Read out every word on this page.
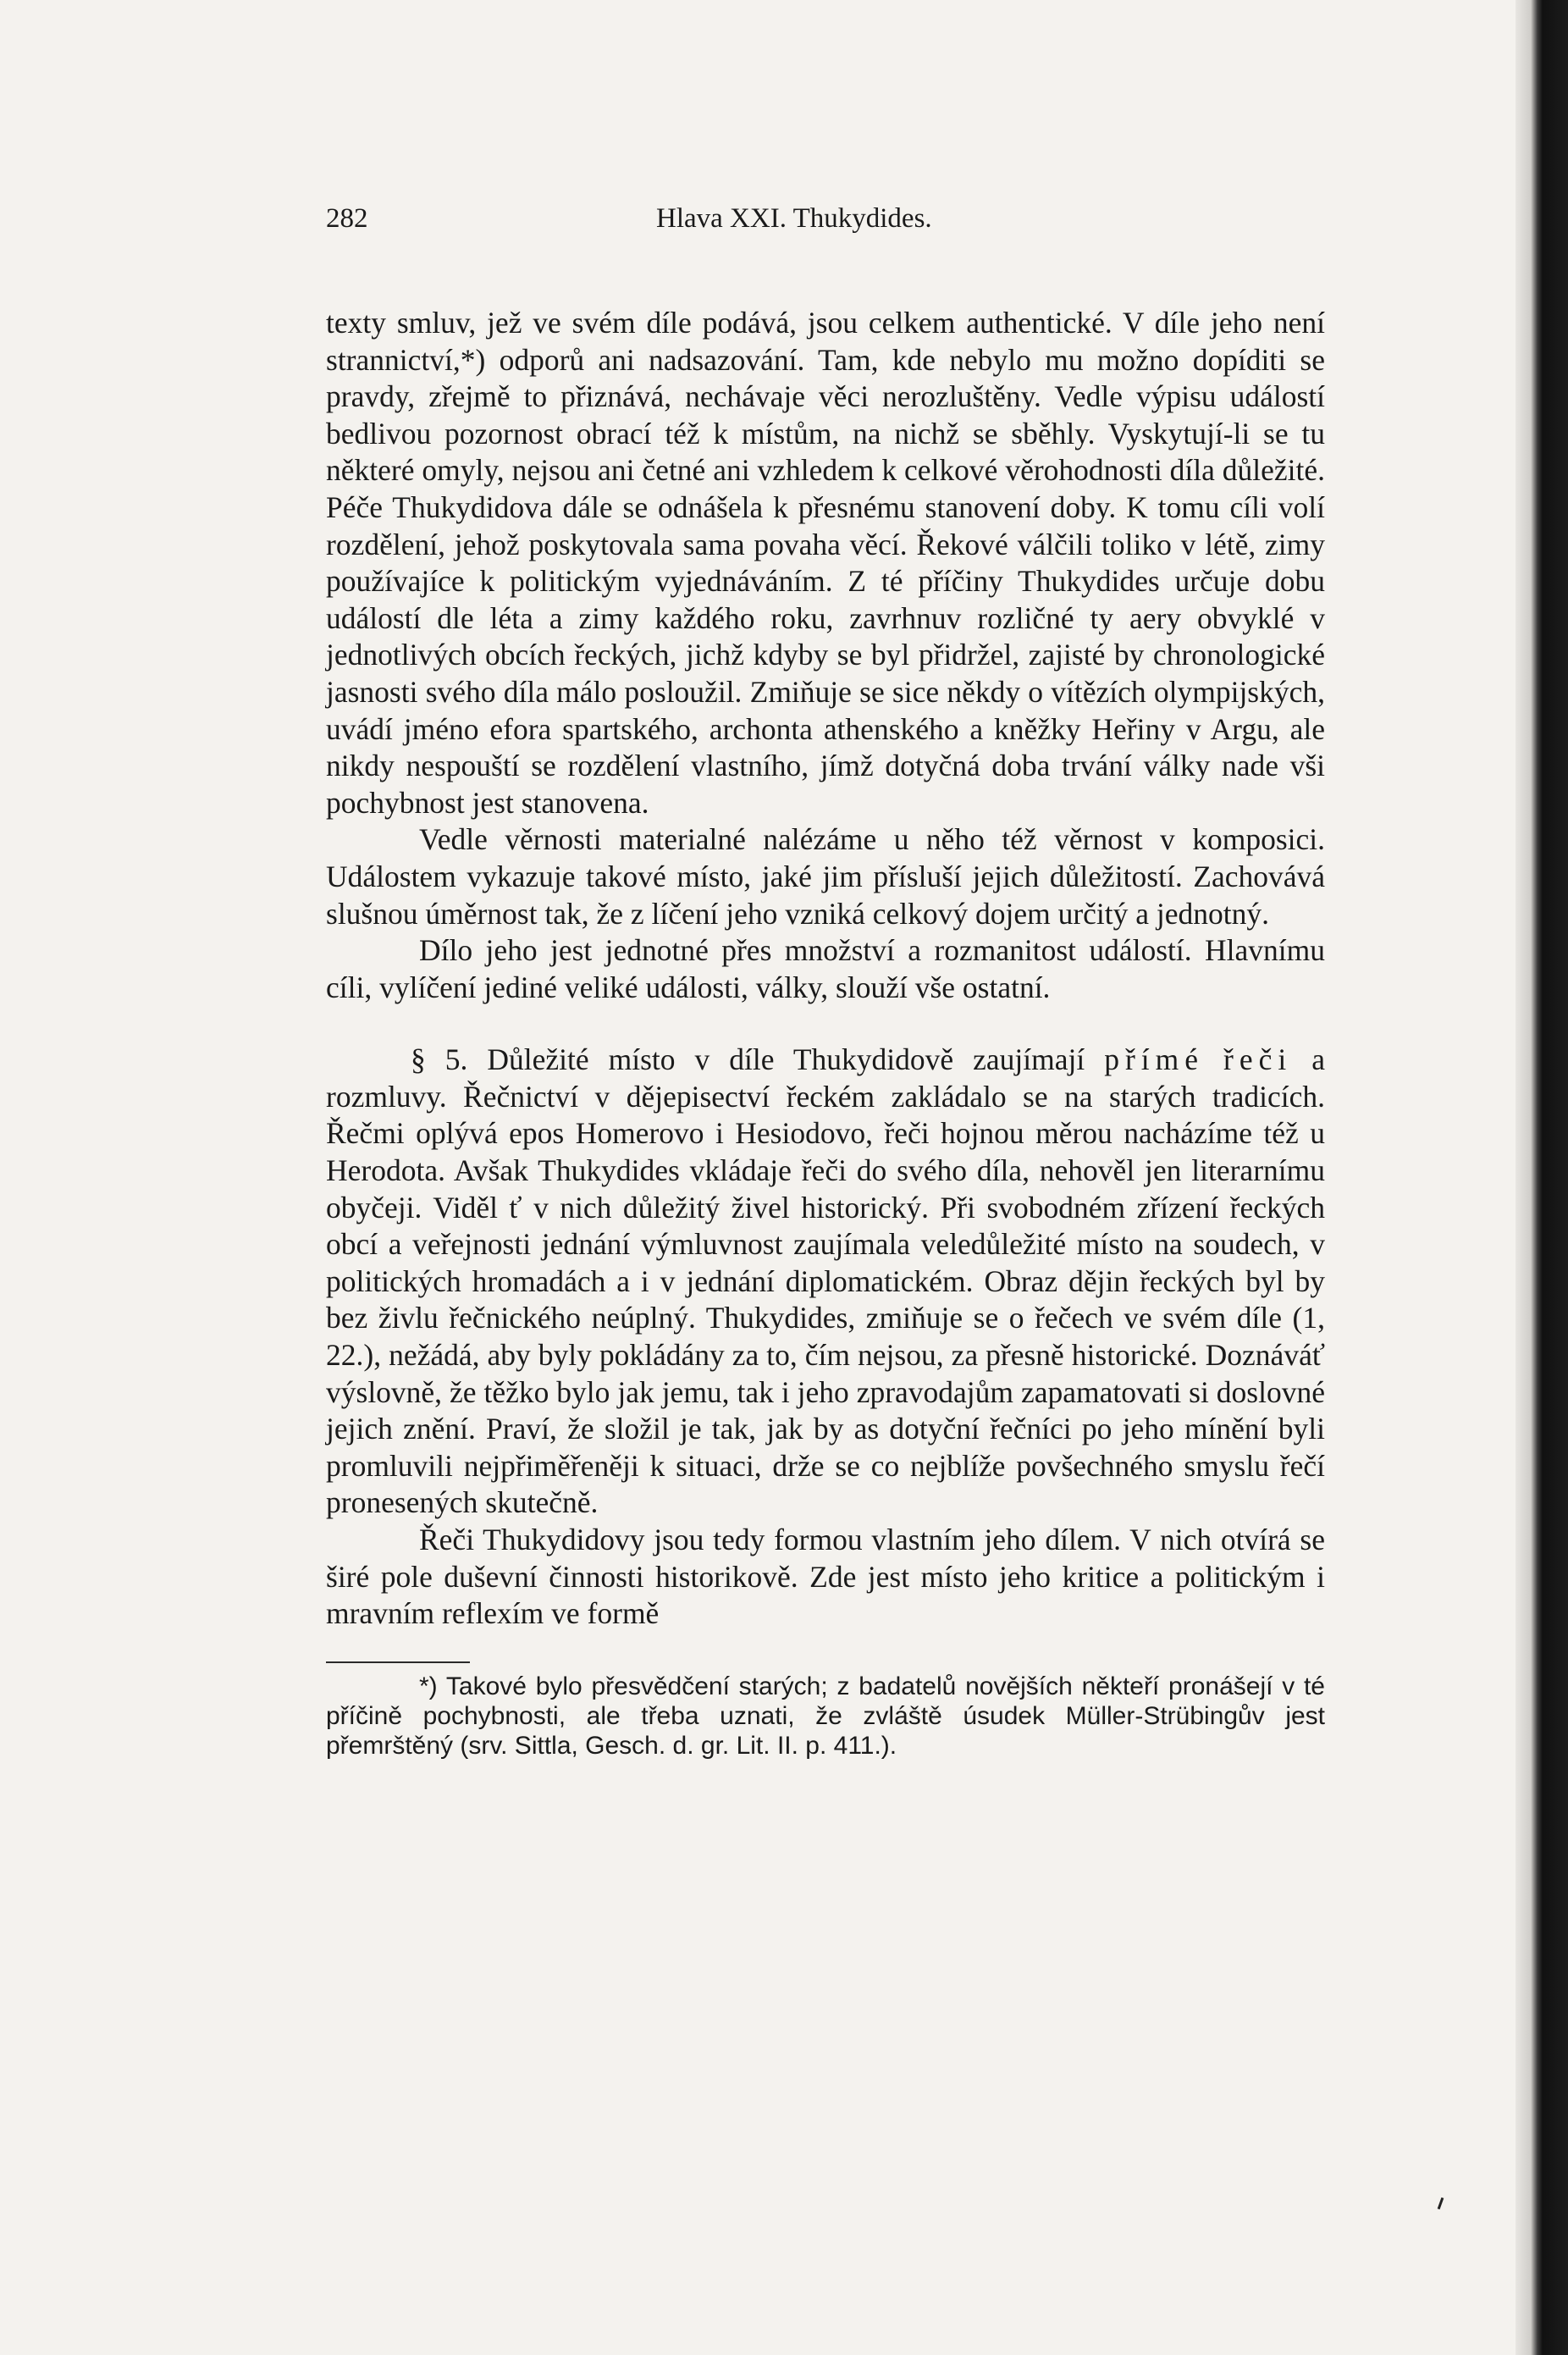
282	Hlava XXI. Thukydides.

texty smluv, jež ve svém díle podává, jsou celkem authentické. V díle jeho není strannictví,*) odporů ani nadsazování. Tam, kde nebylo mu možno dopíditi se pravdy, zřejmě to přiznává, nechávaje věci nerozluštěny. Vedle výpisu událostí bedlivou pozornost obrací též k místům, na nichž se sběhly. Vyskytují-li se tu některé omyly, nejsou ani četné ani vzhledem k celkové věrohodnosti díla důležité. Péče Thukydidova dále se odnášela k přesnému stanovení doby. K tomu cíli volí rozdělení, jehož poskytovala sama povaha věcí. Řekové válčili toliko v létě, zimy používajíce k politickým vyjednáváním. Z té příčiny Thukydides určuje dobu událostí dle léta a zimy každého roku, zavrhnuv rozličné ty aery obvyklé v jednotlivých obcích řeckých, jichž kdyby se byl přidržel, zajisté by chronologické jasnosti svého díla málo posloužil. Zmiňuje se sice někdy o vítězích olympijských, uvádí jméno efora spartského, archonta athenského a kněžky Heřiny v Argu, ale nikdy nespouští se rozdělení vlastního, jímž dotyčná doba trvání války nade vši pochybnost jest stanovena.

Vedle věrnosti materialné nalézáme u něho též věrnost v komposici. Událostem vykazuje takové místo, jaké jim přísluší jejich důležitostí. Zachovává slušnou úměrnost tak, že z líčení jeho vzniká celkový dojem určitý a jednotný.

Dílo jeho jest jednotné přes množství a rozmanitost událostí. Hlavnímu cíli, vylíčení jediné veliké události, války, slouží vše ostatní.

§ 5. Důležité místo v díle Thukydidově zaujímají přímé řeči a rozmluvy. Řečnictví v dějepisectví řeckém zakládalo se na starých tradicích. Řečmi oplývá epos Homerovo i Hesiodovo, řeči hojnou měrou nacházíme též u Herodota. Avšak Thukydides vkládaje řeči do svého díla, nehověl jen literarnímu obyčeji. Viděl ť v nich důležitý živel historický. Při svobodném zřízení řeckých obcí a veřejnosti jednání výmluvnost zaujímala veledůležité místo na soudech, v politických hromadách a i v jednání diplomatickém. Obraz dějin řeckých byl by bez živlu řečnického neúplný. Thukydides, zmiňuje se o řečech ve svém díle (1, 22.), nežádá, aby byly pokládány za to, čím nejsou, za přesně historické. Doznáváť výslovně, že těžko bylo jak jemu, tak i jeho zpravodajům zapamatovati si doslovné jejich znění. Praví, že složil je tak, jak by as dotyční řečníci po jeho mínění byli promluvili nejpřiměřeněji k situaci, drže se co nejblíže povšechného smyslu řečí pronesených skutečně.

Řeči Thukydidovy jsou tedy formou vlastním jeho dílem. V nich otvírá se širé pole duševní činnosti historikově. Zde jest místo jeho kritice a politickým i mravním reflexím ve formě

*) Takové bylo přesvědčení starých; z badatelů novějších někteří pronášejí v té příčině pochybnosti, ale třeba uznati, že zvláště úsudek Müller-Strübingův jest přemrštěný (srv. Sittla, Gesch. d. gr. Lit. II. p. 411.).
